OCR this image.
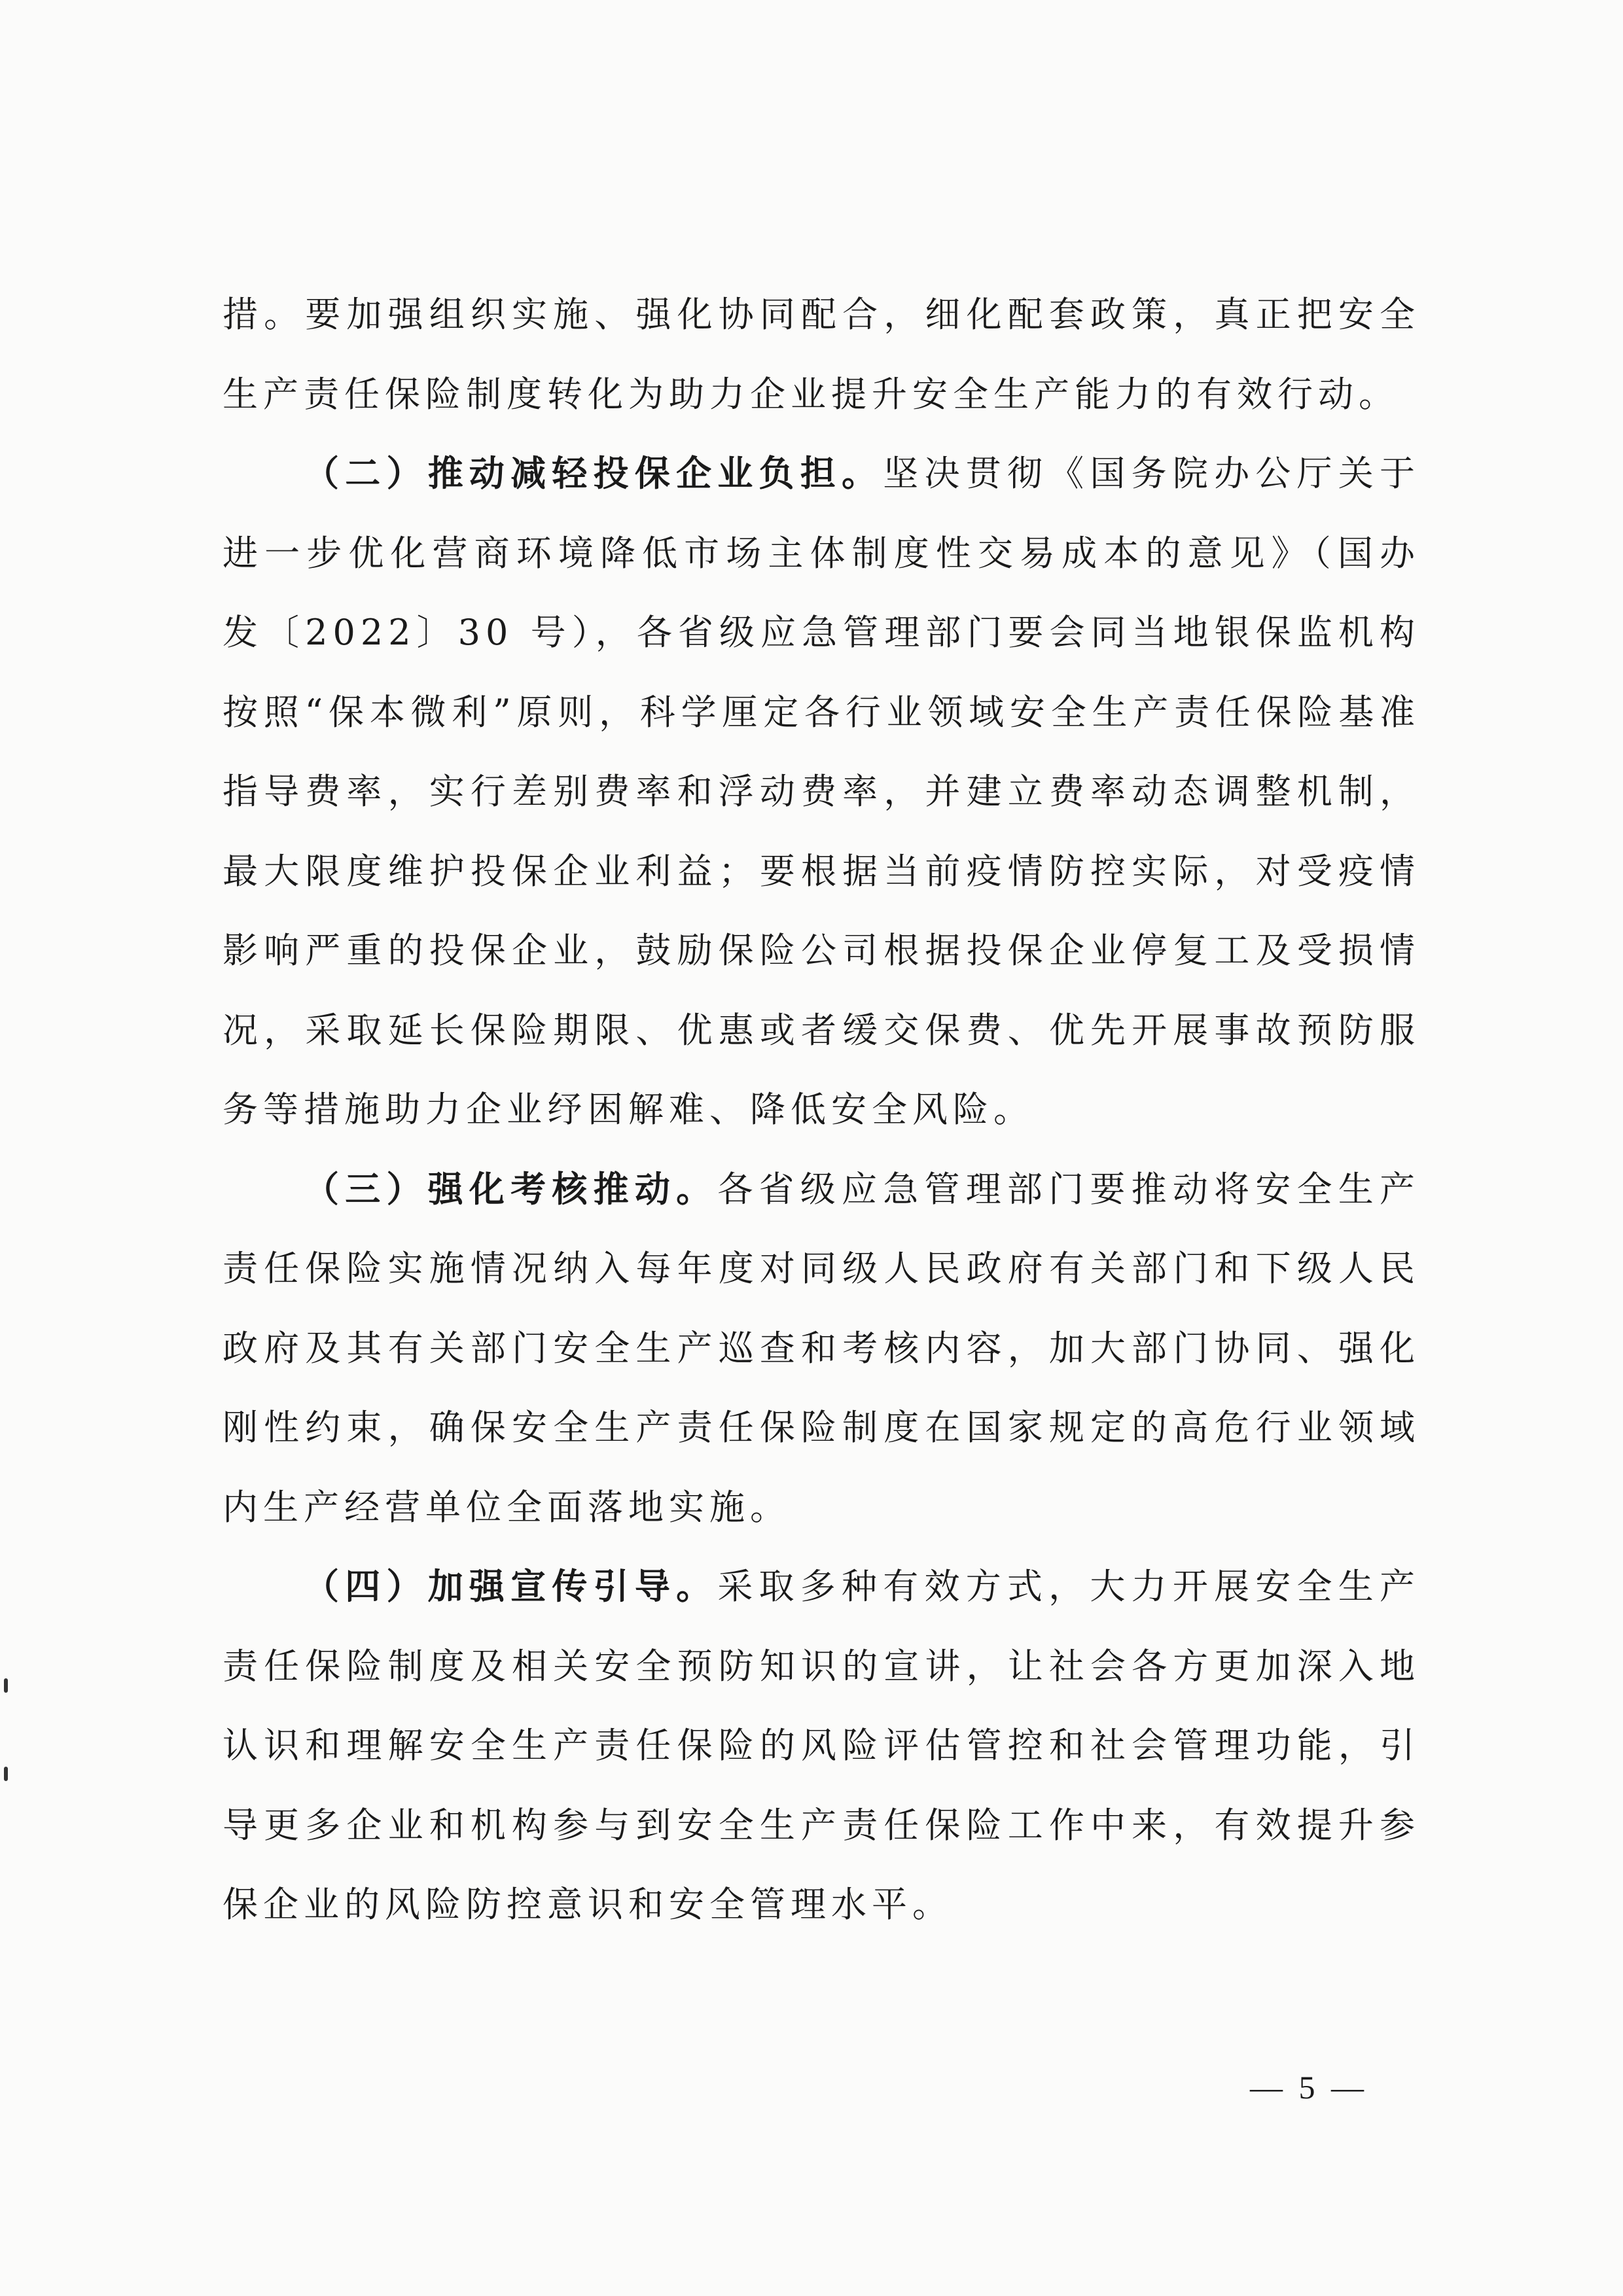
措。要加强组织实施、强化协同配合，细化配套政策，真正把安全生产责任保险制度转化为助力企业提升安全生产能力的有效行动。

（二）推动减轻投保企业负担。坚决贯彻《国务院办公厅关于进一步优化营商环境降低市场主体制度性交易成本的意见》（国办发〔2022〕30 号），各省级应急管理部门要会同当地银保监机构按照“保本微利”原则，科学厘定各行业领域安全生产责任保险基准指导费率，实行差别费率和浮动费率，并建立费率动态调整机制，最大限度维护投保企业利益；要根据当前疫情防控实际，对受疫情影响严重的投保企业，鼓励保险公司根据投保企业停复工及受损情况，采取延长保险期限、优惠或者缓交保费、优先开展事故预防服务等措施助力企业纾困解难、降低安全风险。

（三）强化考核推动。各省级应急管理部门要推动将安全生产责任保险实施情况纳入每年度对同级人民政府有关部门和下级人民政府及其有关部门安全生产巡查和考核内容，加大部门协同、强化刚性约束，确保安全生产责任保险制度在国家规定的高危行业领域内生产经营单位全面落地实施。

（四）加强宣传引导。采取多种有效方式，大力开展安全生产责任保险制度及相关安全预防知识的宣讲，让社会各方更加深入地认识和理解安全生产责任保险的风险评估管控和社会管理功能，引导更多企业和机构参与到安全生产责任保险工作中来，有效提升参保企业的风险防控意识和安全管理水平。

— 5 —
